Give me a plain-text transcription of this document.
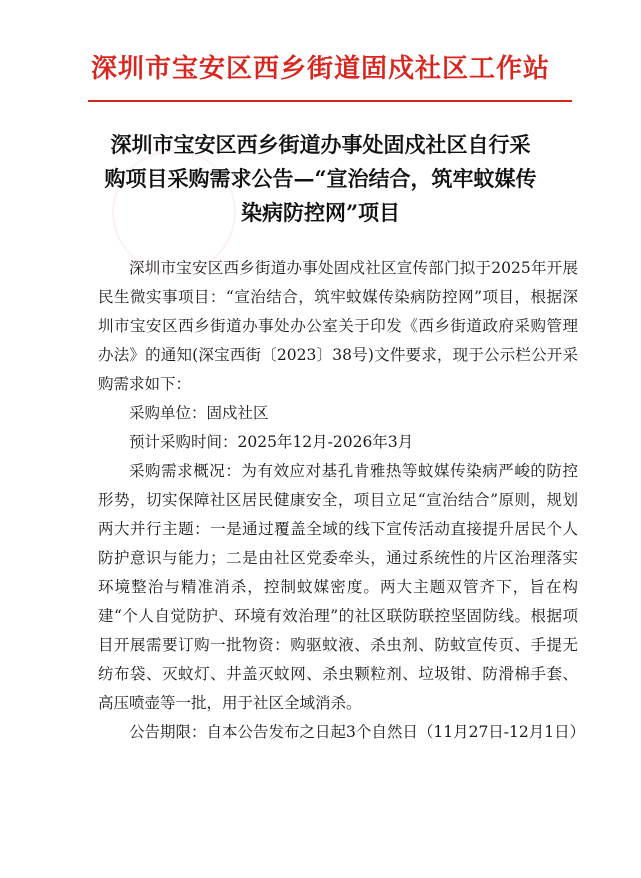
深圳市宝安区西乡街道固戍社区工作站
深圳市宝安区西乡街道办事处固戍社区自行采
购项目采购需求公告—“宣治结合，筑牢蚊媒传
染病防控网”项目

深圳市宝安区西乡街道办事处固戍社区宣传部门拟于2025年开展民生微实事项目：“宣治结合，筑牢蚊媒传染病防控网”项目，根据深圳市宝安区西乡街道办事处办公室关于印发《西乡街道政府采购管理办法》的通知(深宝西街〔2023〕38号)文件要求，现于公示栏公开采购需求如下：

采购单位：固戍社区

预计采购时间：2025年12月-2026年3月

采购需求概况：为有效应对基孔肯雅热等蚊媒传染病严峻的防控形势，切实保障社区居民健康安全，项目立足“宣治结合”原则，规划两大并行主题：一是通过覆盖全域的线下宣传活动直接提升居民个人防护意识与能力；二是由社区党委牵头，通过系统性的片区治理落实环境整治与精准消杀，控制蚊媒密度。两大主题双管齐下，旨在构建“个人自觉防护、环境有效治理”的社区联防联控坚固防线。根据项目开展需要订购一批物资：购驱蚊液、杀虫剂、防蚊宣传页、手提无纺布袋、灭蚊灯、井盖灭蚊网、杀虫颗粒剂、垃圾钳、防滑棉手套、高压喷壶等一批，用于社区全域消杀。

公告期限：自本公告发布之日起3个自然日（11月27日-12月1日）
